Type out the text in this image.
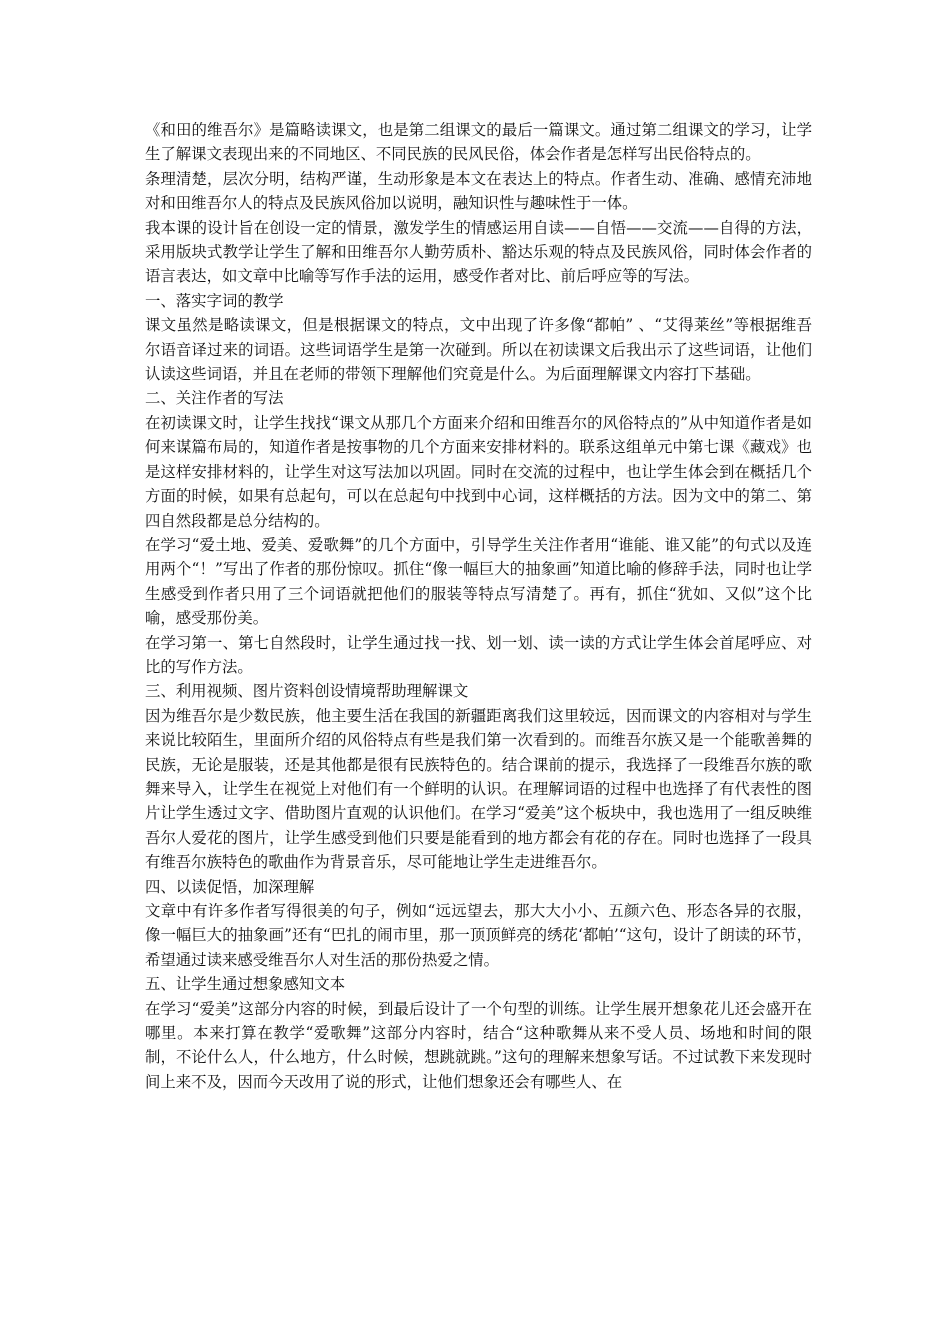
《和田的维吾尔》是篇略读课文，也是第二组课文的最后一篇课文。通过第二组课文的学习，让学生了解课文表现出来的不同地区、不同民族的民风民俗，体会作者是怎样写出民俗特点的。

条理清楚，层次分明，结构严谨，生动形象是本文在表达上的特点。作者生动、准确、感情充沛地对和田维吾尔人的特点及民族风俗加以说明，融知识性与趣味性于一体。

我本课的设计旨在创设一定的情景，激发学生的情感运用自读——自悟——交流——自得的方法，采用版块式教学让学生了解和田维吾尔人勤劳质朴、豁达乐观的特点及民族风俗，同时体会作者的语言表达，如文章中比喻等写作手法的运用，感受作者对比、前后呼应等的写法。

一、落实字词的教学

课文虽然是略读课文，但是根据课文的特点，文中出现了许多像“都帕” 、“艾得莱丝”等根据维吾尔语音译过来的词语。这些词语学生是第一次碰到。所以在初读课文后我出示了这些词语，让他们认读这些词语，并且在老师的带领下理解他们究竟是什么。为后面理解课文内容打下基础。

二、关注作者的写法

在初读课文时，让学生找找“课文从那几个方面来介绍和田维吾尔的风俗特点的”从中知道作者是如何来谋篇布局的，知道作者是按事物的几个方面来安排材料的。联系这组单元中第七课《藏戏》也是这样安排材料的，让学生对这写法加以巩固。同时在交流的过程中，也让学生体会到在概括几个方面的时候，如果有总起句，可以在总起句中找到中心词，这样概括的方法。因为文中的第二、第四自然段都是总分结构的。

在学习“爱土地、爱美、爱歌舞”的几个方面中，引导学生关注作者用“谁能、谁又能”的句式以及连用两个“！”写出了作者的那份惊叹。抓住“像一幅巨大的抽象画”知道比喻的修辞手法，同时也让学生感受到作者只用了三个词语就把他们的服装等特点写清楚了。再有，抓住“犹如、又似”这个比喻，感受那份美。

在学习第一、第七自然段时，让学生通过找一找、划一划、读一读的方式让学生体会首尾呼应、对比的写作方法。

三、利用视频、图片资料创设情境帮助理解课文

因为维吾尔是少数民族，他主要生活在我国的新疆距离我们这里较远，因而课文的内容相对与学生来说比较陌生，里面所介绍的风俗特点有些是我们第一次看到的。而维吾尔族又是一个能歌善舞的民族，无论是服装，还是其他都是很有民族特色的。结合课前的提示，我选择了一段维吾尔族的歌舞来导入，让学生在视觉上对他们有一个鲜明的认识。在理解词语的过程中也选择了有代表性的图片让学生透过文字、借助图片直观的认识他们。在学习“爱美”这个板块中，我也选用了一组反映维吾尔人爱花的图片，让学生感受到他们只要是能看到的地方都会有花的存在。同时也选择了一段具有维吾尔族特色的歌曲作为背景音乐，尽可能地让学生走进维吾尔。

四、以读促悟，加深理解

文章中有许多作者写得很美的句子，例如“远远望去，那大大小小、五颜六色、形态各异的衣服，像一幅巨大的抽象画”还有“巴扎的闹市里，那一顶顶鲜亮的绣花‘都帕’“这句，设计了朗读的环节，希望通过读来感受维吾尔人对生活的那份热爱之情。

五、让学生通过想象感知文本

在学习“爱美”这部分内容的时候，到最后设计了一个句型的训练。让学生展开想象花儿还会盛开在哪里。本来打算在教学“爱歌舞”这部分内容时，结合“这种歌舞从来不受人员、场地和时间的限制，不论什么人，什么地方，什么时候，想跳就跳。”这句的理解来想象写话。不过试教下来发现时间上来不及，因而今天改用了说的形式，让他们想象还会有哪些人、在
